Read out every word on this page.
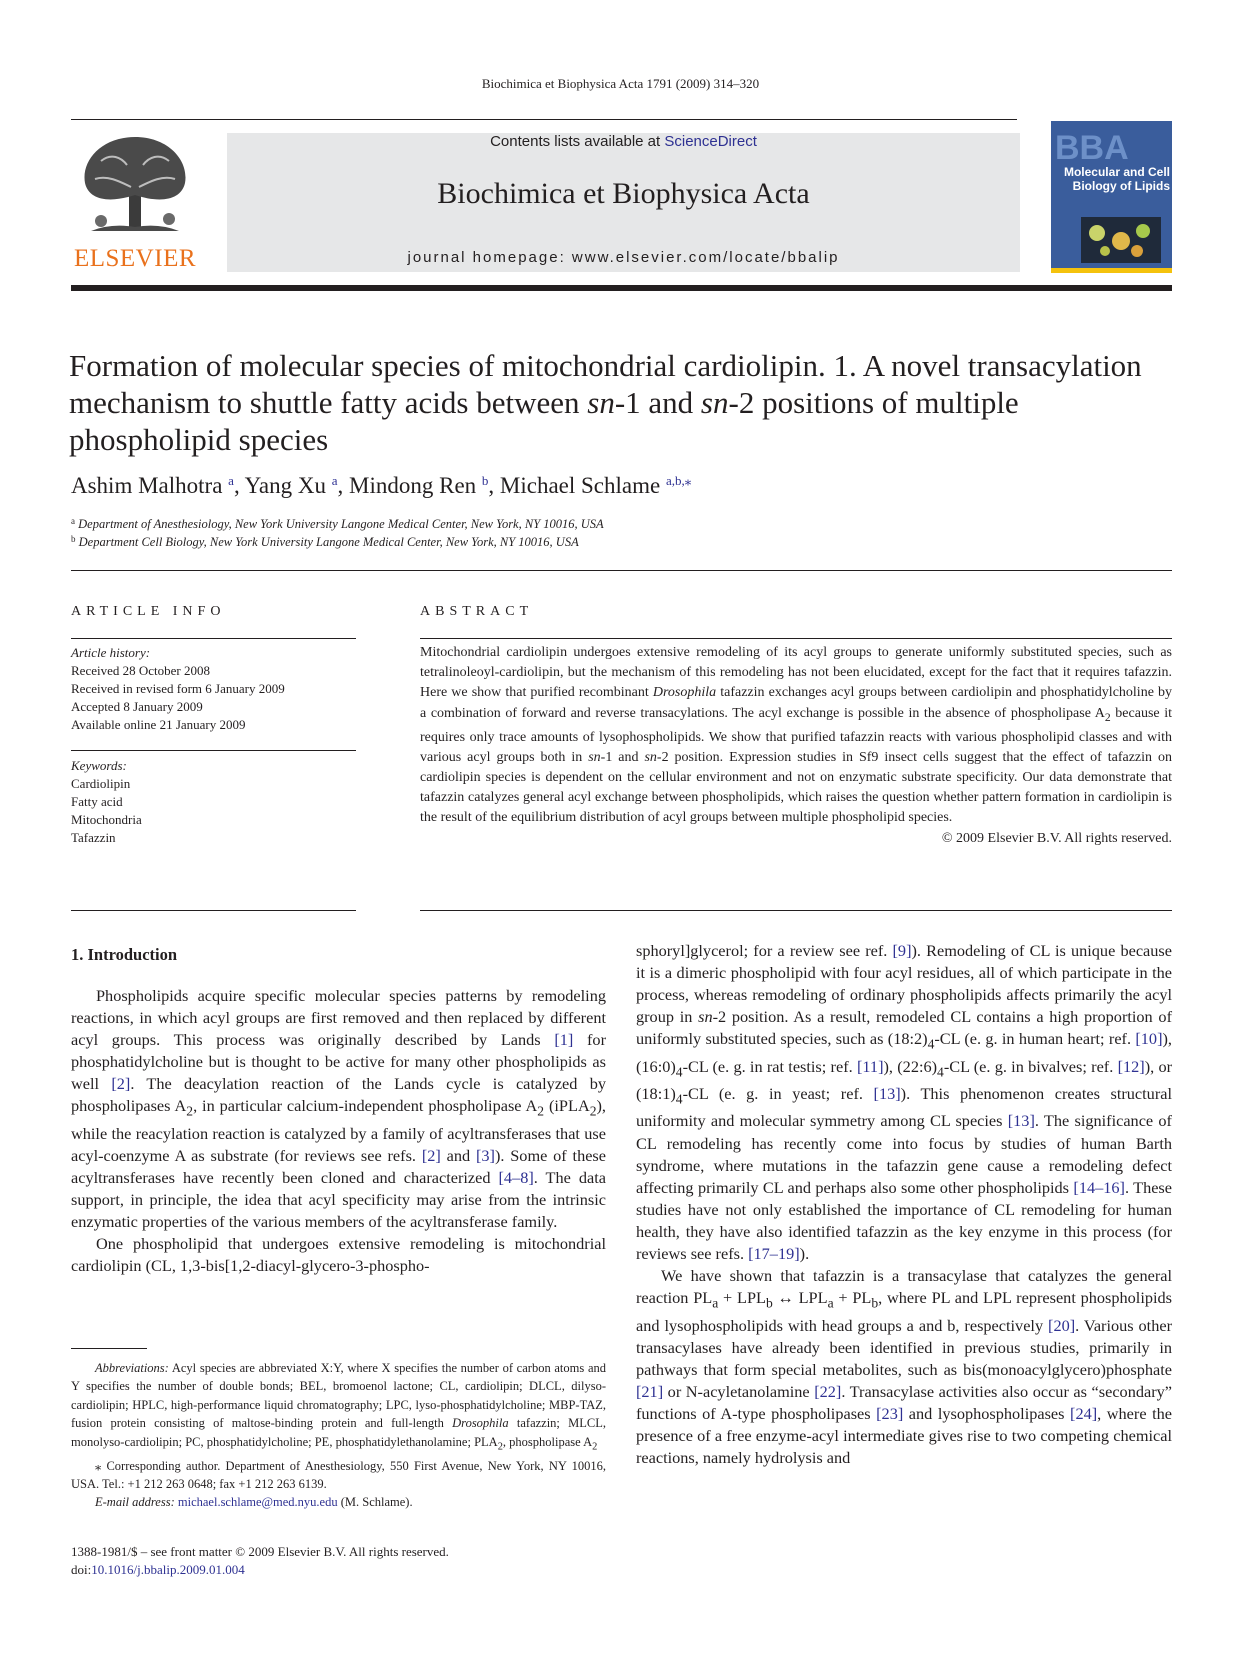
Biochimica et Biophysica Acta 1791 (2009) 314–320
ELSEVIER
Contents lists available at ScienceDirect
Biochimica et Biophysica Acta
journal homepage: www.elsevier.com/locate/bbalip
BBA
Molecular and Cell Biology of Lipids
Formation of molecular species of mitochondrial cardiolipin. 1. A novel transacylation mechanism to shuttle fatty acids between sn-1 and sn-2 positions of multiple phospholipid species
Ashim Malhotra $^a$, Yang Xu $^a$, Mindong Ren $^b$, Michael Schlame $^{a,b,⁎}$
$^a$ Department of Anesthesiology, New York University Langone Medical Center, New York, NY 10016, USA
$^b$ Department Cell Biology, New York University Langone Medical Center, New York, NY 10016, USA
ARTICLE INFO
Article history:
Received 28 October 2008
Received in revised form 6 January 2009
Accepted 8 January 2009
Available online 21 January 2009
Keywords:
Cardiolipin
Fatty acid
Mitochondria
Tafazzin
ABSTRACT
Mitochondrial cardiolipin undergoes extensive remodeling of its acyl groups to generate uniformly substituted species, such as tetralinoleoyl-cardiolipin, but the mechanism of this remodeling has not been elucidated, except for the fact that it requires tafazzin. Here we show that purified recombinant Drosophila tafazzin exchanges acyl groups between cardiolipin and phosphatidylcholine by a combination of forward and reverse transacylations. The acyl exchange is possible in the absence of phospholipase $A_2$ because it requires only trace amounts of lysophospholipids. We show that purified tafazzin reacts with various phospholipid classes and with various acyl groups both in sn-1 and sn-2 position. Expression studies in Sf9 insect cells suggest that the effect of tafazzin on cardiolipin species is dependent on the cellular environment and not on enzymatic substrate specificity. Our data demonstrate that tafazzin catalyzes general acyl exchange between phospholipids, which raises the question whether pattern formation in cardiolipin is the result of the equilibrium distribution of acyl groups between multiple phospholipid species.
© 2009 Elsevier B.V. All rights reserved.
1. Introduction

Phospholipids acquire specific molecular species patterns by remodeling reactions, in which acyl groups are first removed and then replaced by different acyl groups. This process was originally described by Lands [1] for phosphatidylcholine but is thought to be active for many other phospholipids as well [2]. The deacylation reaction of the Lands cycle is catalyzed by phospholipases $A_2$, in particular calcium-independent phospholipase $A_2$ (iPLA$_2$), while the reacylation reaction is catalyzed by a family of acyltransferases that use acyl-coenzyme A as substrate (for reviews see refs. [2] and [3]). Some of these acyltransferases have recently been cloned and characterized [4–8]. The data support, in principle, the idea that acyl specificity may arise from the intrinsic enzymatic properties of the various members of the acyltransferase family.

One phospholipid that undergoes extensive remodeling is mitochondrial cardiolipin (CL, 1,3-bis[1,2-diacyl-glycero-3-phospho-

Abbreviations: Acyl species are abbreviated X:Y, where X specifies the number of carbon atoms and Y specifies the number of double bonds; BEL, bromoenol lactone; CL, cardiolipin; DLCL, dilyso-cardiolipin; HPLC, high-performance liquid chromatography; LPC, lyso-phosphatidylcholine; MBP-TAZ, fusion protein consisting of maltose-binding protein and full-length Drosophila tafazzin; MLCL, monolyso-cardiolipin; PC, phosphatidylcholine; PE, phosphatidylethanolamine; $PLA_2$, phospholipase $A_2$

⁎ Corresponding author. Department of Anesthesiology, 550 First Avenue, New York, NY 10016, USA. Tel.: +1 212 263 0648; fax +1 212 263 6139.

E-mail address: michael.schlame@med.nyu.edu (M. Schlame).

sphoryl]glycerol; for a review see ref. [9]). Remodeling of CL is unique because it is a dimeric phospholipid with four acyl residues, all of which participate in the process, whereas remodeling of ordinary phospholipids affects primarily the acyl group in sn-2 position. As a result, remodeled CL contains a high proportion of uniformly substituted species, such as $(18:2)_4-CL$ (e. g. in human heart; ref. [10]), $(16:0)_4-CL$ (e. g. in rat testis; ref. [11]), $(22:6)_4-CL$ (e. g. in bivalves; ref. [12]), or $(18:1)_4-CL$ (e. g. in yeast; ref. [13]). This phenomenon creates structural uniformity and molecular symmetry among CL species [13]. The significance of CL remodeling has recently come into focus by studies of human Barth syndrome, where mutations in the tafazzin gene cause a remodeling defect affecting primarily CL and perhaps also some other phospholipids [14–16]. These studies have not only established the importance of CL remodeling for human health, they have also identified tafazzin as the key enzyme in this process (for reviews see refs. [17–19]).

We have shown that tafazzin is a transacylase that catalyzes the general reaction $PL_a + LPL_b$ ↔ $LPL_a + PL_b$, where PL and LPL represent phospholipids and lysophospholipids with head groups a and b, respectively [20]. Various other transacylases have already been identified in previous studies, primarily in pathways that form special metabolites, such as bis(monoacylglycero)phosphate [21] or N-acyletanolamine [22]. Transacylase activities also occur as “secondary” functions of A-type phospholipases [23] and lysophospholipases [24], where the presence of a free enzyme-acyl intermediate gives rise to two competing chemical reactions, namely hydrolysis and

1388-1981/$ – see front matter © 2009 Elsevier B.V. All rights reserved.
doi:10.1016/j.bbalip.2009.01.004
